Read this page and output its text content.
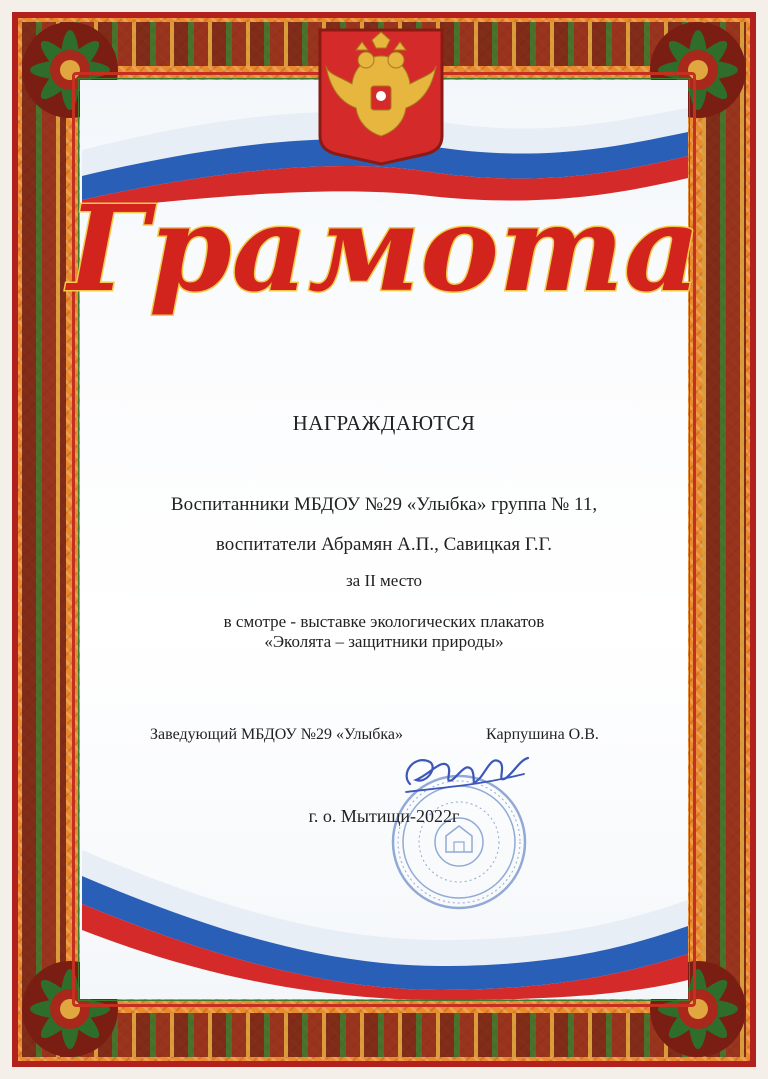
Грамота
НАГРАЖДАЮТСЯ
Воспитанники МБДОУ №29 «Улыбка» группа № 11,
воспитатели Абрамян А.П., Савицкая Г.Г.
за II место
в смотре - выставке экологических плакатов
«Эколята – защитники природы»
Заведующий МБДОУ №29 «Улыбка»	Карпушина О.В.
г. о. Мытищи-2022г
